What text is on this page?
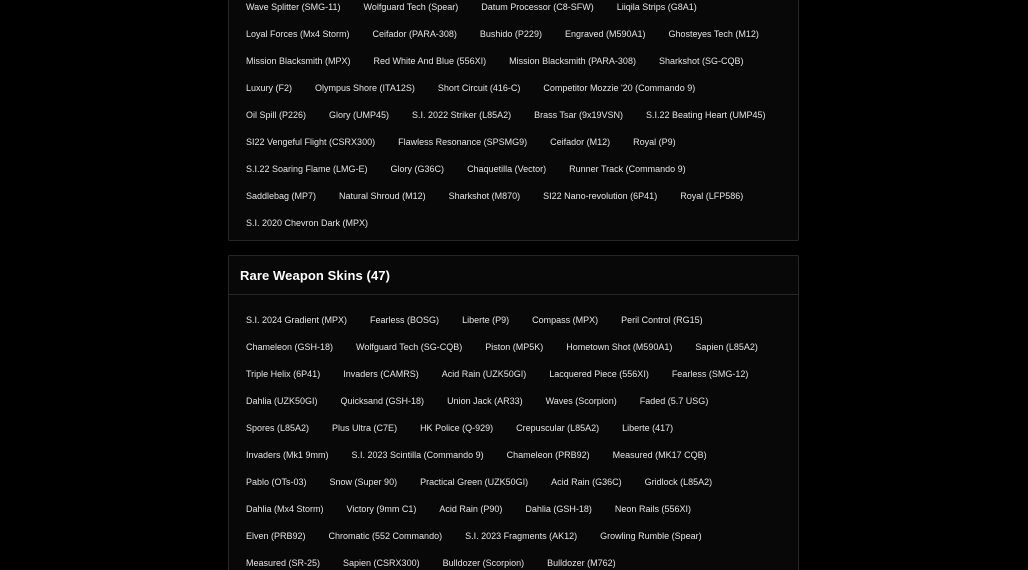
Wave Splitter (SMG-11)	Wolfguard Tech (Spear)	Datum Processor (C8-SFW)	Liiqila Strips (G8A1)
Loyal Forces (Mx4 Storm)	Ceifador (PARA-308)	Bushido (P229)	Engraved (M590A1)	Ghosteyes Tech (M12)
Mission Blacksmith (MPX)	Red White And Blue (556XI)	Mission Blacksmith (PARA-308)	Sharkshot (SG-CQB)
Luxury (F2)	Olympus Shore (ITA12S)	Short Circuit (416-C)	Competitor Mozzie '20 (Commando 9)
Oil Spill (P226)	Glory (UMP45)	S.I. 2022 Striker (L85A2)	Brass Tsar (9x19VSN)	S.I.22 Beating Heart (UMP45)
SI22 Vengeful Flight (CSRX300)	Flawless Resonance (SPSMG9)	Ceifador (M12)	Royal (P9)
S.I.22 Soaring Flame (LMG-E)	Glory (G36C)	Chaquetilla (Vector)	Runner Track (Commando 9)
Saddlebag (MP7)	Natural Shroud (M12)	Sharkshot (M870)	SI22 Nano-revolution (6P41)	Royal (LFP586)
S.I. 2020 Chevron Dark (MPX)
Rare Weapon Skins (47)
S.I. 2024 Gradient (MPX)	Fearless (BOSG)	Liberte (P9)	Compass (MPX)	Peril Control (RG15)
Chameleon (GSH-18)	Wolfguard Tech (SG-CQB)	Piston (MP5K)	Hometown Shot (M590A1)	Sapien (L85A2)
Triple Helix (6P41)	Invaders (CAMRS)	Acid Rain (UZK50GI)	Lacquered Piece (556XI)	Fearless (SMG-12)
Dahlia (UZK50GI)	Quicksand (GSH-18)	Union Jack (AR33)	Waves (Scorpion)	Faded (5.7 USG)
Spores (L85A2)	Plus Ultra (C7E)	HK Police (Q-929)	Crepuscular (L85A2)	Liberte (417)
Invaders (Mk1 9mm)	S.I. 2023 Scintilla (Commando 9)	Chameleon (PRB92)	Measured (MK17 CQB)
Pablo (OTs-03)	Snow (Super 90)	Practical Green (UZK50GI)	Acid Rain (G36C)	Gridlock (L85A2)
Dahlia (Mx4 Storm)	Victory (9mm C1)	Acid Rain (P90)	Dahlia (GSH-18)	Neon Rails (556XI)
Elven (PRB92)	Chromatic (552 Commando)	S.I. 2023 Fragments (AK12)	Growling Rumble (Spear)
Measured (SR-25)	Sapien (CSRX300)	Bulldozer (Scorpion)	Bulldozer (M762)
